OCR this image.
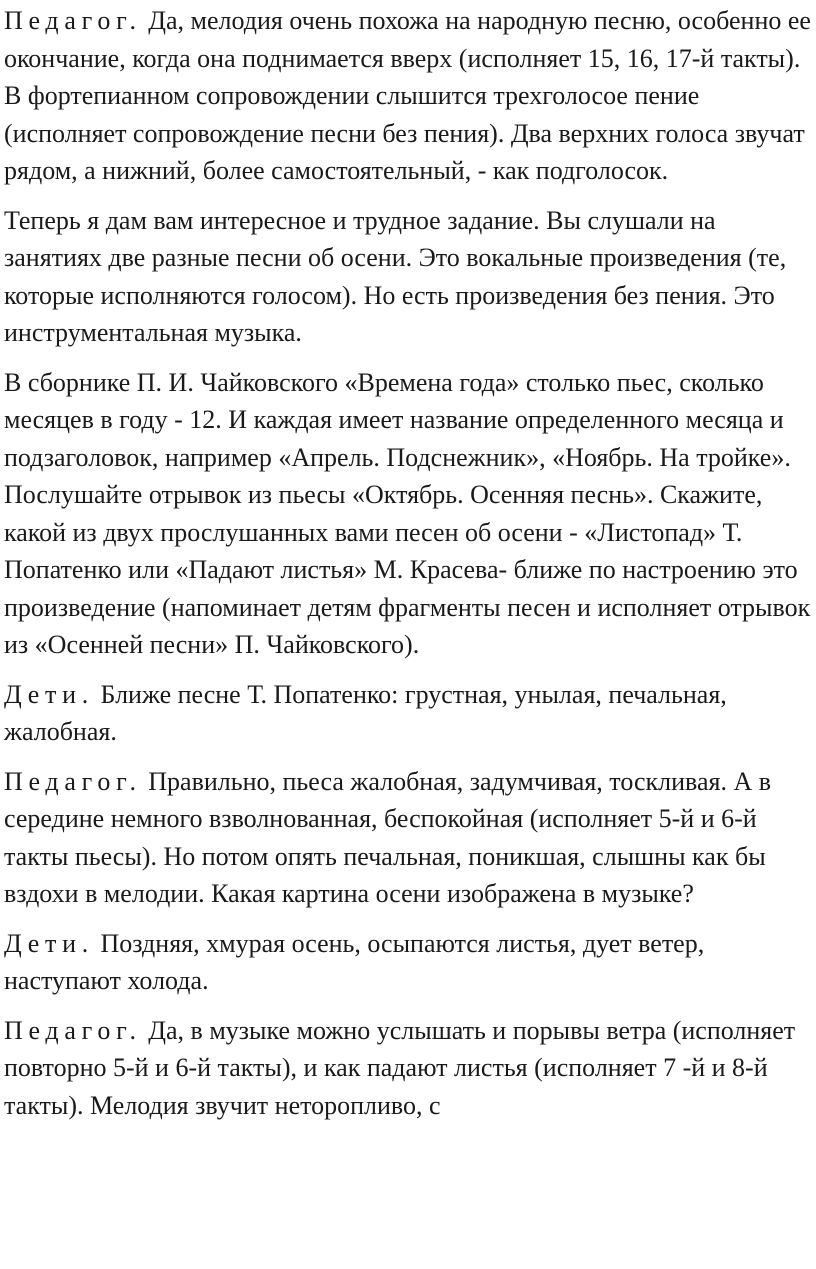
Педагог. Да, мелодия очень похожа на народную песню, особенно ее окончание, когда она поднимается вверх (исполняет 15, 16, 17-й такты). В фортепианном сопровождении слышится трехголосое пение (исполняет сопровождение песни без пения). Два верхних голоса звучат рядом, а нижний, более самостоятельный, - как подголосок.

Теперь я дам вам интересное и трудное задание. Вы слушали на занятиях две разные песни об осени. Это вокальные произведения (те, которые исполняются голосом). Но есть произведения без пения. Это инструментальная музыка.

В сборнике П. И. Чайковского «Времена года» столько пьес, сколько месяцев в году - 12. И каждая имеет название определенного месяца и подзаголовок, например «Апрель. Подснежник», «Ноябрь. На тройке». Послушайте отрывок из пьесы «Октябрь. Осенняя песнь». Скажите, какой из двух прослушанных вами песен об осени - «Листопад» Т. Попатенко или «Падают листья» М. Красева- ближе по настроению это произведение (напоминает детям фрагменты песен и исполняет отрывок из «Осенней песни» П. Чайковского).

Дети. Ближе песне Т. Попатенко: грустная, унылая, печальная, жалобная.

Педагог. Правильно, пьеса жалобная, задумчивая, тоскливая. А в середине немного взволнованная, беспокойная (исполняет 5-й и 6-й такты пьесы). Но потом опять печальная, поникшая, слышны как бы вздохи в мелодии. Какая картина осени изображена в музыке?

Дети. Поздняя, хмурая осень, осыпаются листья, дует ветер, наступают холода.

Педагог. Да, в музыке можно услышать и порывы ветра (исполняет повторно 5-й и 6-й такты), и как падают листья (исполняет 7 -й и 8-й такты). Мелодия звучит неторопливо, с
